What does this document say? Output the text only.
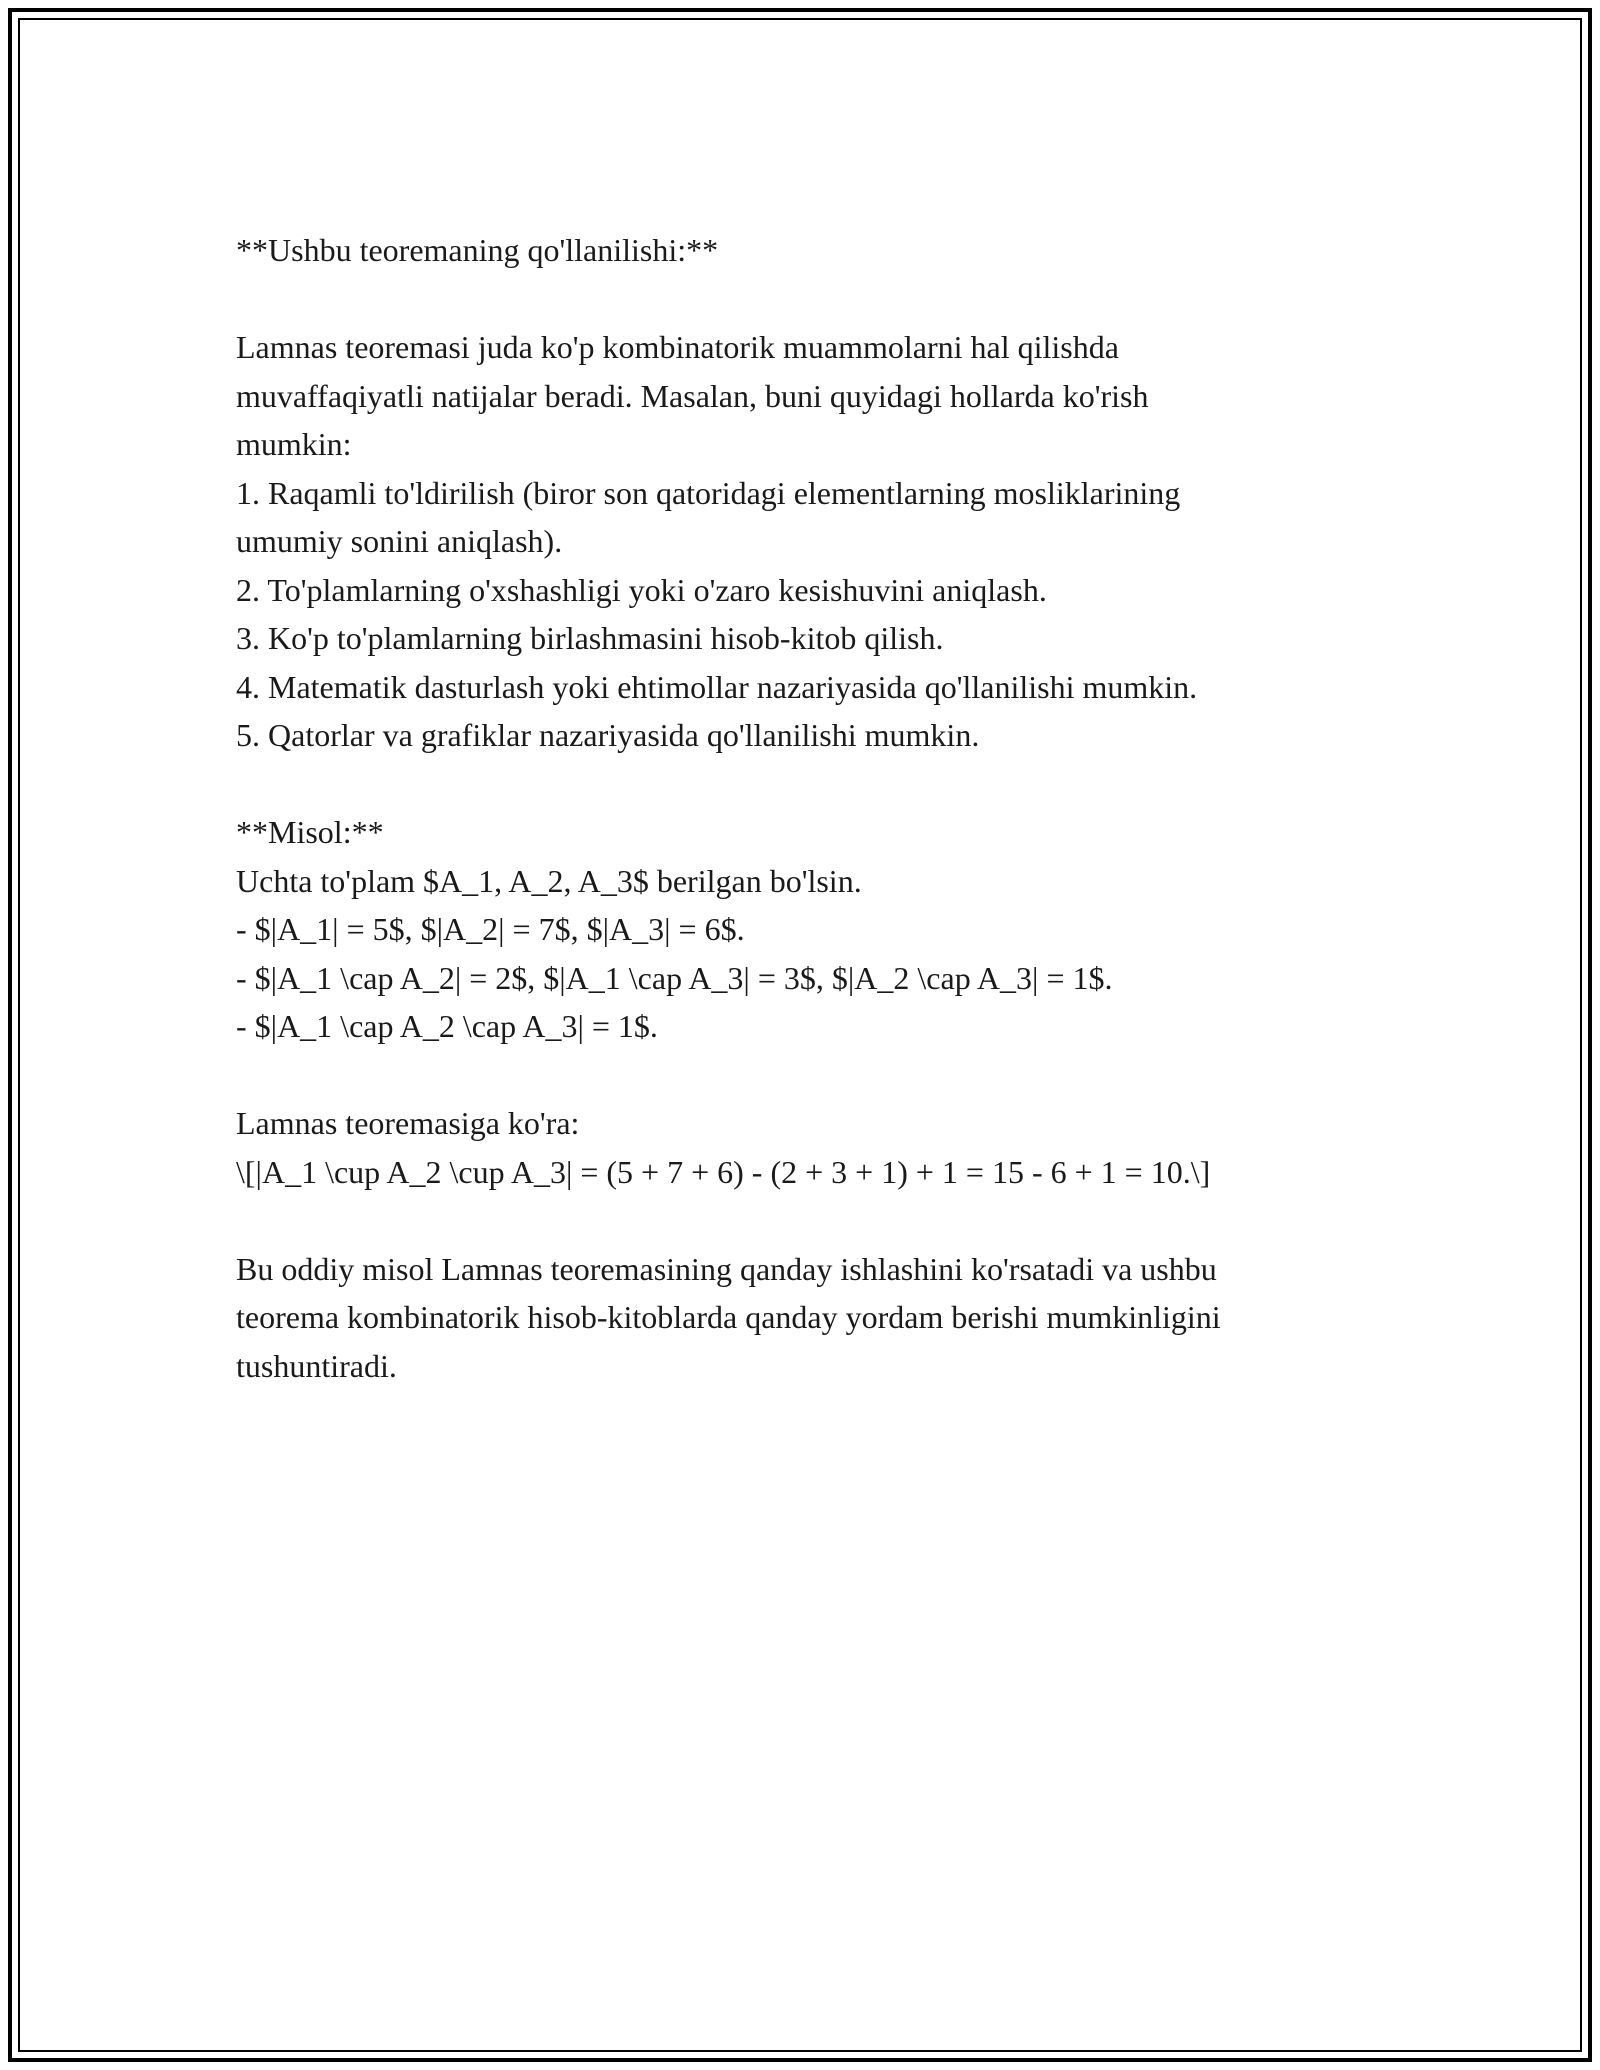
**Ushbu teoremaning qo'llanilishi:**
Lamnas teoremasi juda ko'p kombinatorik muammolarni hal qilishda
muvaffaqiyatli natijalar beradi. Masalan, buni quyidagi hollarda ko'rish
mumkin:
1. Raqamli to'ldirilish (biror son qatoridagi elementlarning mosliklarining
umumiy sonini aniqlash).
2. To'plamlarning o'xshashligi yoki o'zaro kesishuvini aniqlash.
3. Ko'p to'plamlarning birlashmasini hisob-kitob qilish.
4. Matematik dasturlash yoki ehtimollar nazariyasida qo'llanilishi mumkin.
5. Qatorlar va grafiklar nazariyasida qo'llanilishi mumkin.
**Misol:**
Uchta to'plam $A_1, A_2, A_3$ berilgan bo'lsin.
- $|A_1| = 5$, $|A_2| = 7$, $|A_3| = 6$.
- $|A_1 \cap A_2| = 2$, $|A_1 \cap A_3| = 3$, $|A_2 \cap A_3| = 1$.
- $|A_1 \cap A_2 \cap A_3| = 1$.
Lamnas teoremasiga ko'ra:
\[|A_1 \cup A_2 \cup A_3| = (5 + 7 + 6) - (2 + 3 + 1) + 1 = 15 - 6 + 1 = 10.\]
Bu oddiy misol Lamnas teoremasining qanday ishlashini ko'rsatadi va ushbu
teorema kombinatorik hisob-kitoblarda qanday yordam berishi mumkinligini
tushuntiradi.
